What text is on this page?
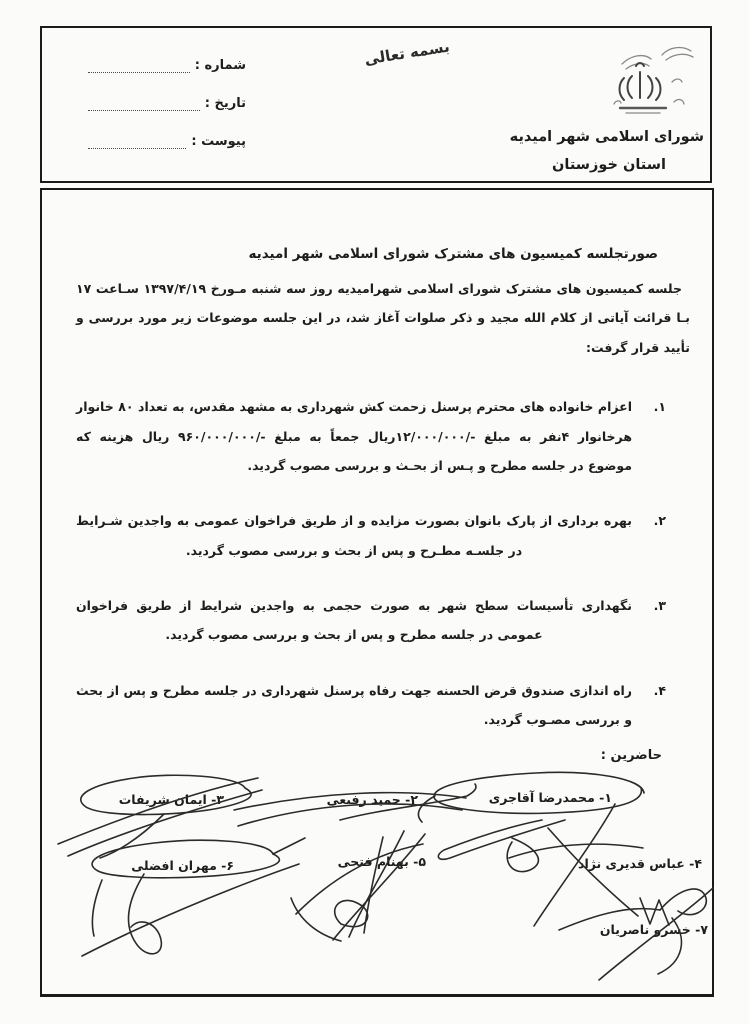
بسمه تعالی
شورای اسلامی شهر امیدیه
استان خوزستان
شماره :
تاریخ :
پیوست :
صورتجلسه کمیسیون های مشترک شورای اسلامی شهر امیدیه

جلسه کمیسیون های مشترک شورای اسلامی شهرامیدیه روز سه شنبه مـورخ ۱۳۹۷/۴/۱۹ سـاعت ۱۷ بـا قرائت آیاتی از کلام الله مجید و ذکر صلوات آغاز شد، در این جلسه موضوعات زیر مورد بررسی و تأیید قرار گرفت:

۱.
اعزام خانواده های محترم پرسنل زحمت کش شهرداری به مشهد مقدس، به تعداد ۸۰ خانوار هرخانوار ۴نفر به مبلغ -/۱۲/۰۰۰/۰۰۰ریال جمعاً به مبلغ -/۹۶۰/۰۰۰/۰۰۰ ریال هزینه که موضوع در جلسه مطرح و پـس از بحـث و بررسی مصوب گردید.
۲.
بهره برداری از پارک بانوان بصورت مزایده و از طریق فراخوان عمومی به واجدین شـرایط در جلسـه مطـرح و پس از بحث و بررسی مصوب گردید.
۳.
نگهداری تأسیسات سطح شهر به صورت حجمی به واجدین شرایط از طریق فراخوان عمومی در جلسه مطرح و پس از بحث و بررسی مصوب گردید.
۴.
راه اندازی صندوق قرض الحسنه جهت رفاه پرسنل شهرداری در جلسه مطرح و پس از بحث و بررسی مصـوب گردید.
حاضرین :
۱- محمدرضا آقاجری
۲- حمید رفیعی
۳- ایمان شریفات
۴- عباس قدیری نژاد
۵- بهنام فتحی
۶- مهران افضلی
۷- خسرو ناصریان
